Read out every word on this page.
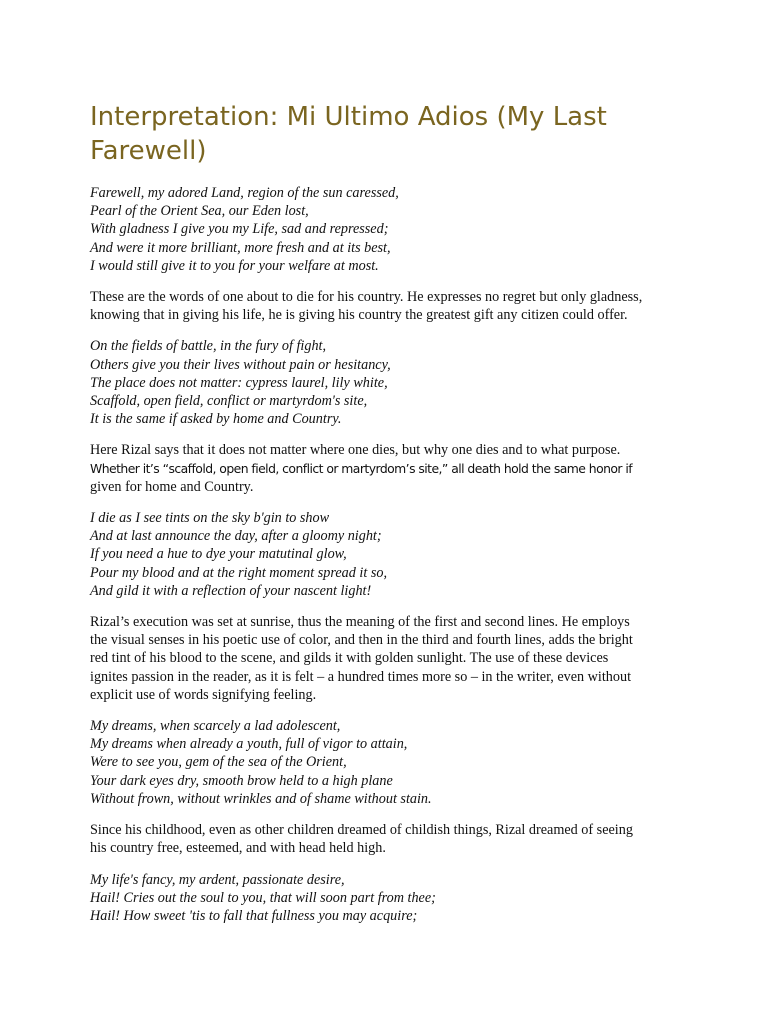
Interpretation: Mi Ultimo Adios (My Last Farewell)
Farewell, my adored Land, region of the sun caressed,
Pearl of the Orient Sea, our Eden lost,
With gladness I give you my Life, sad and repressed;
And were it more brilliant, more fresh and at its best,
I would still give it to you for your welfare at most.
These are the words of one about to die for his country. He expresses no regret but only gladness,
knowing that in giving his life, he is giving his country the greatest gift any citizen could offer.
On the fields of battle, in the fury of fight,
Others give you their lives without pain or hesitancy,
The place does not matter: cypress laurel, lily white,
Scaffold, open field, conflict or martyrdom's site,
It is the same if asked by home and Country.
Here Rizal says that it does not matter where one dies, but why one dies and to what purpose.
Whether it’s “scaffold, open field, conflict or martyrdom’s site,” all death hold the same honor if
given for home and Country.
I die as I see tints on the sky b'gin to show
And at last announce the day, after a gloomy night;
If you need a hue to dye your matutinal glow,
Pour my blood and at the right moment spread it so,
And gild it with a reflection of your nascent light!
Rizal’s execution was set at sunrise, thus the meaning of the first and second lines. He employs
the visual senses in his poetic use of color, and then in the third and fourth lines, adds the bright
red tint of his blood to the scene, and gilds it with golden sunlight. The use of these devices
ignites passion in the reader, as it is felt – a hundred times more so – in the writer, even without
explicit use of words signifying feeling.
My dreams, when scarcely a lad adolescent,
My dreams when already a youth, full of vigor to attain,
Were to see you, gem of the sea of the Orient,
Your dark eyes dry, smooth brow held to a high plane
Without frown, without wrinkles and of shame without stain.
Since his childhood, even as other children dreamed of childish things, Rizal dreamed of seeing
his country free, esteemed, and with head held high.
My life's fancy, my ardent, passionate desire,
Hail! Cries out the soul to you, that will soon part from thee;
Hail! How sweet 'tis to fall that fullness you may acquire;
